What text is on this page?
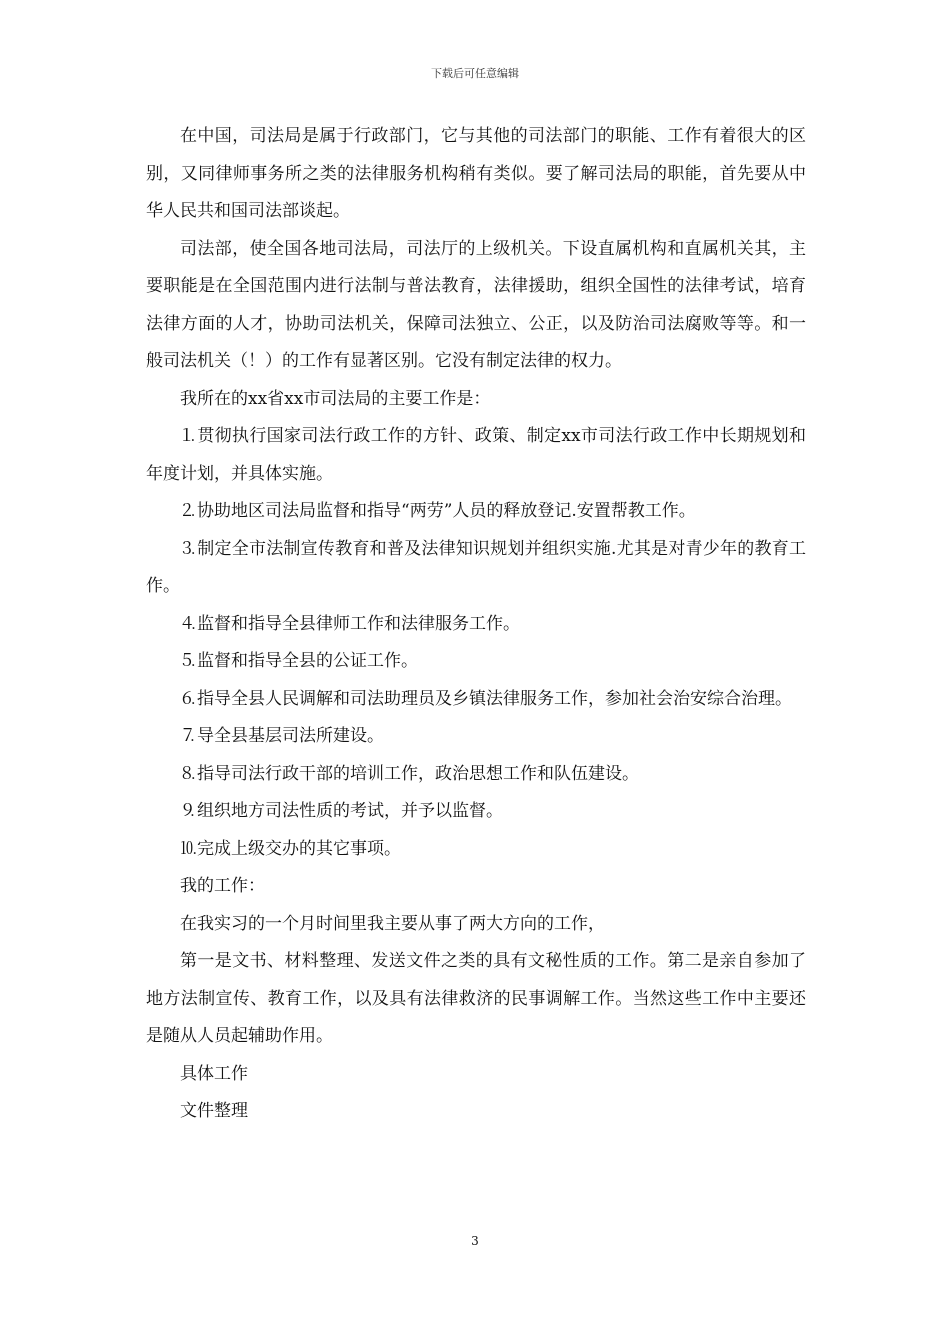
下载后可任意编辑

在中国，司法局是属于行政部门，它与其他的司法部门的职能、工作有着很大的区别，又同律师事务所之类的法律服务机构稍有类似。要了解司法局的职能，首先要从中华人民共和国司法部谈起。

司法部，使全国各地司法局，司法厅的上级机关。下设直属机构和直属机关其，主要职能是在全国范围内进行法制与普法教育，法律援助，组织全国性的法律考试，培育法律方面的人才，协助司法机关，保障司法独立、公正，以及防治司法腐败等等。和一般司法机关（！）的工作有显著区别。它没有制定法律的权力。

我所在的xx省xx市司法局的主要工作是：

⒈贯彻执行国家司法行政工作的方针、政策、制定xx市司法行政工作中长期规划和年度计划，并具体实施。

⒉协助地区司法局监督和指导“两劳”人员的释放登记.安置帮教工作。

⒊制定全市法制宣传教育和普及法律知识规划并组织实施.尤其是对青少年的教育工作。

⒋监督和指导全县律师工作和法律服务工作。

⒌监督和指导全县的公证工作。

⒍指导全县人民调解和司法助理员及乡镇法律服务工作，参加社会治安综合治理。

⒎导全县基层司法所建设。

⒏指导司法行政干部的培训工作，政治思想工作和队伍建设。

⒐组织地方司法性质的考试，并予以监督。

⒑完成上级交办的其它事项。

我的工作：

在我实习的一个月时间里我主要从事了两大方向的工作，

第一是文书、材料整理、发送文件之类的具有文秘性质的工作。第二是亲自参加了地方法制宣传、教育工作，以及具有法律救济的民事调解工作。当然这些工作中主要还是随从人员起辅助作用。

具体工作

文件整理

3
